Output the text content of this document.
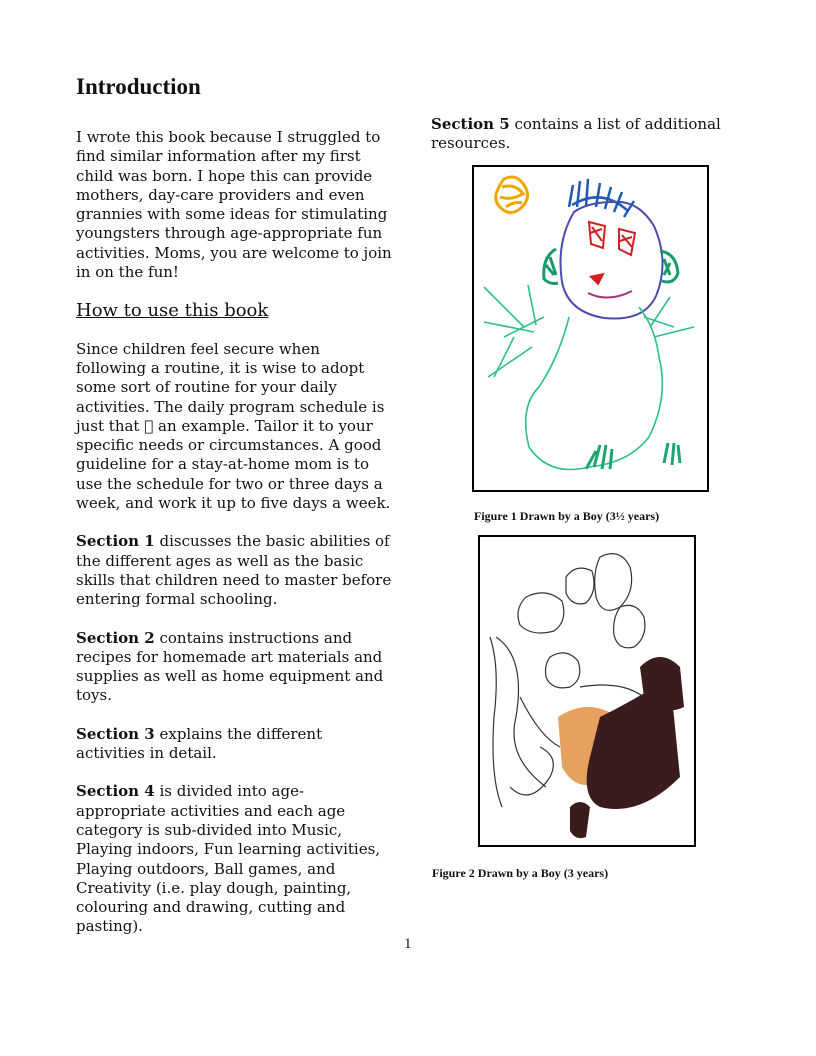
Introduction

I wrote this book because I struggled to find similar information after my first child was born. I hope this can provide mothers, day-care providers and even grannies with some ideas for stimulating youngsters through age-appropriate fun activities. Moms, you are welcome to join in on the fun!

How to use this book

Since children feel secure when following a routine, it is wise to adopt some sort of routine for your daily activities. The daily program schedule is just that an example. Tailor it to your specific needs or circumstances. A good guideline for a stay-at-home mom is to use the schedule for two or three days a week, and work it up to five days a week.

Section 1 discusses the basic abilities of the different ages as well as the basic skills that children need to master before entering formal schooling.

Section 2 contains instructions and recipes for homemade art materials and supplies as well as home equipment and toys.

Section 3 explains the different activities in detail.

Section 4 is divided into age-appropriate activities and each age category is sub-divided into Music, Playing indoors, Fun learning activities, Playing outdoors, Ball games, and Creativity (i.e. play dough, painting, colouring and drawing, cutting and pasting).

Section 5 contains a list of additional resources.

Figure 1 Drawn by a Boy (3½ years)
Figure 2 Drawn by a Boy (3 years)
1
